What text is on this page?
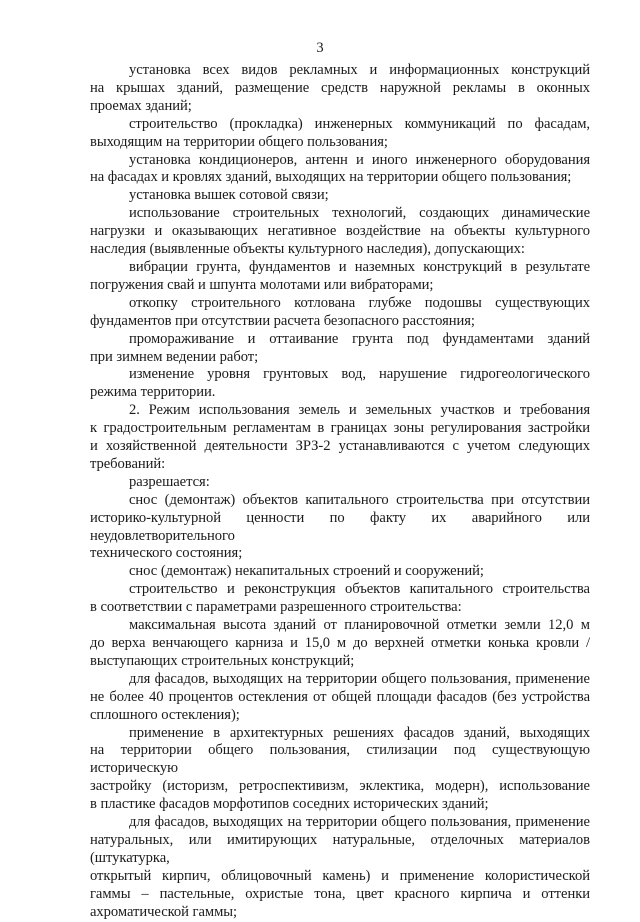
3

установка всех видов рекламных и информационных конструкций
на крышах зданий, размещение средств наружной рекламы в оконных
проемах зданий;

строительство (прокладка) инженерных коммуникаций по фасадам,
выходящим на территории общего пользования;

установка кондиционеров, антенн и иного инженерного оборудования
на фасадах и кровлях зданий, выходящих на территории общего пользования;

установка вышек сотовой связи;

использование строительных технологий, создающих динамические
нагрузки и оказывающих негативное воздействие на объекты культурного
наследия (выявленные объекты культурного наследия), допускающих:

вибрации грунта, фундаментов и наземных конструкций в результате
погружения свай и шпунта молотами или вибраторами;

откопку строительного котлована глубже подошвы существующих
фундаментов при отсутствии расчета безопасного расстояния;

промораживание и оттаивание грунта под фундаментами зданий
при зимнем ведении работ;

изменение уровня грунтовых вод, нарушение гидрогеологического
режима территории.

2. Режим использования земель и земельных участков и требования
к градостроительным регламентам в границах зоны регулирования застройки
и хозяйственной деятельности ЗРЗ-2 устанавливаются с учетом следующих
требований:

разрешается:

снос (демонтаж) объектов капитального строительства при отсутствии
историко-культурной ценности по факту их аварийного или неудовлетворительного
технического состояния;

снос (демонтаж) некапитальных строений и сооружений;

строительство и реконструкция объектов капитального строительства
в соответствии с параметрами разрешенного строительства:

максимальная высота зданий от планировочной отметки земли 12,0 м
до верха венчающего карниза и 15,0 м до верхней отметки конька кровли /
выступающих строительных конструкций;

для фасадов, выходящих на территории общего пользования, применение
не более 40 процентов остекления от общей площади фасадов (без устройства
сплошного остекления);

применение в архитектурных решениях фасадов зданий, выходящих
на территории общего пользования, стилизации под существующую историческую
застройку (историзм, ретроспективизм, эклектика, модерн), использование
в пластике фасадов морфотипов соседних исторических зданий;

для фасадов, выходящих на территории общего пользования, применение
натуральных, или имитирующих натуральные, отделочных материалов (штукатурка,
открытый кирпич, облицовочный камень) и применение колористической
гаммы – пастельные, охристые тона, цвет красного кирпича и оттенки
ахроматической гаммы;
